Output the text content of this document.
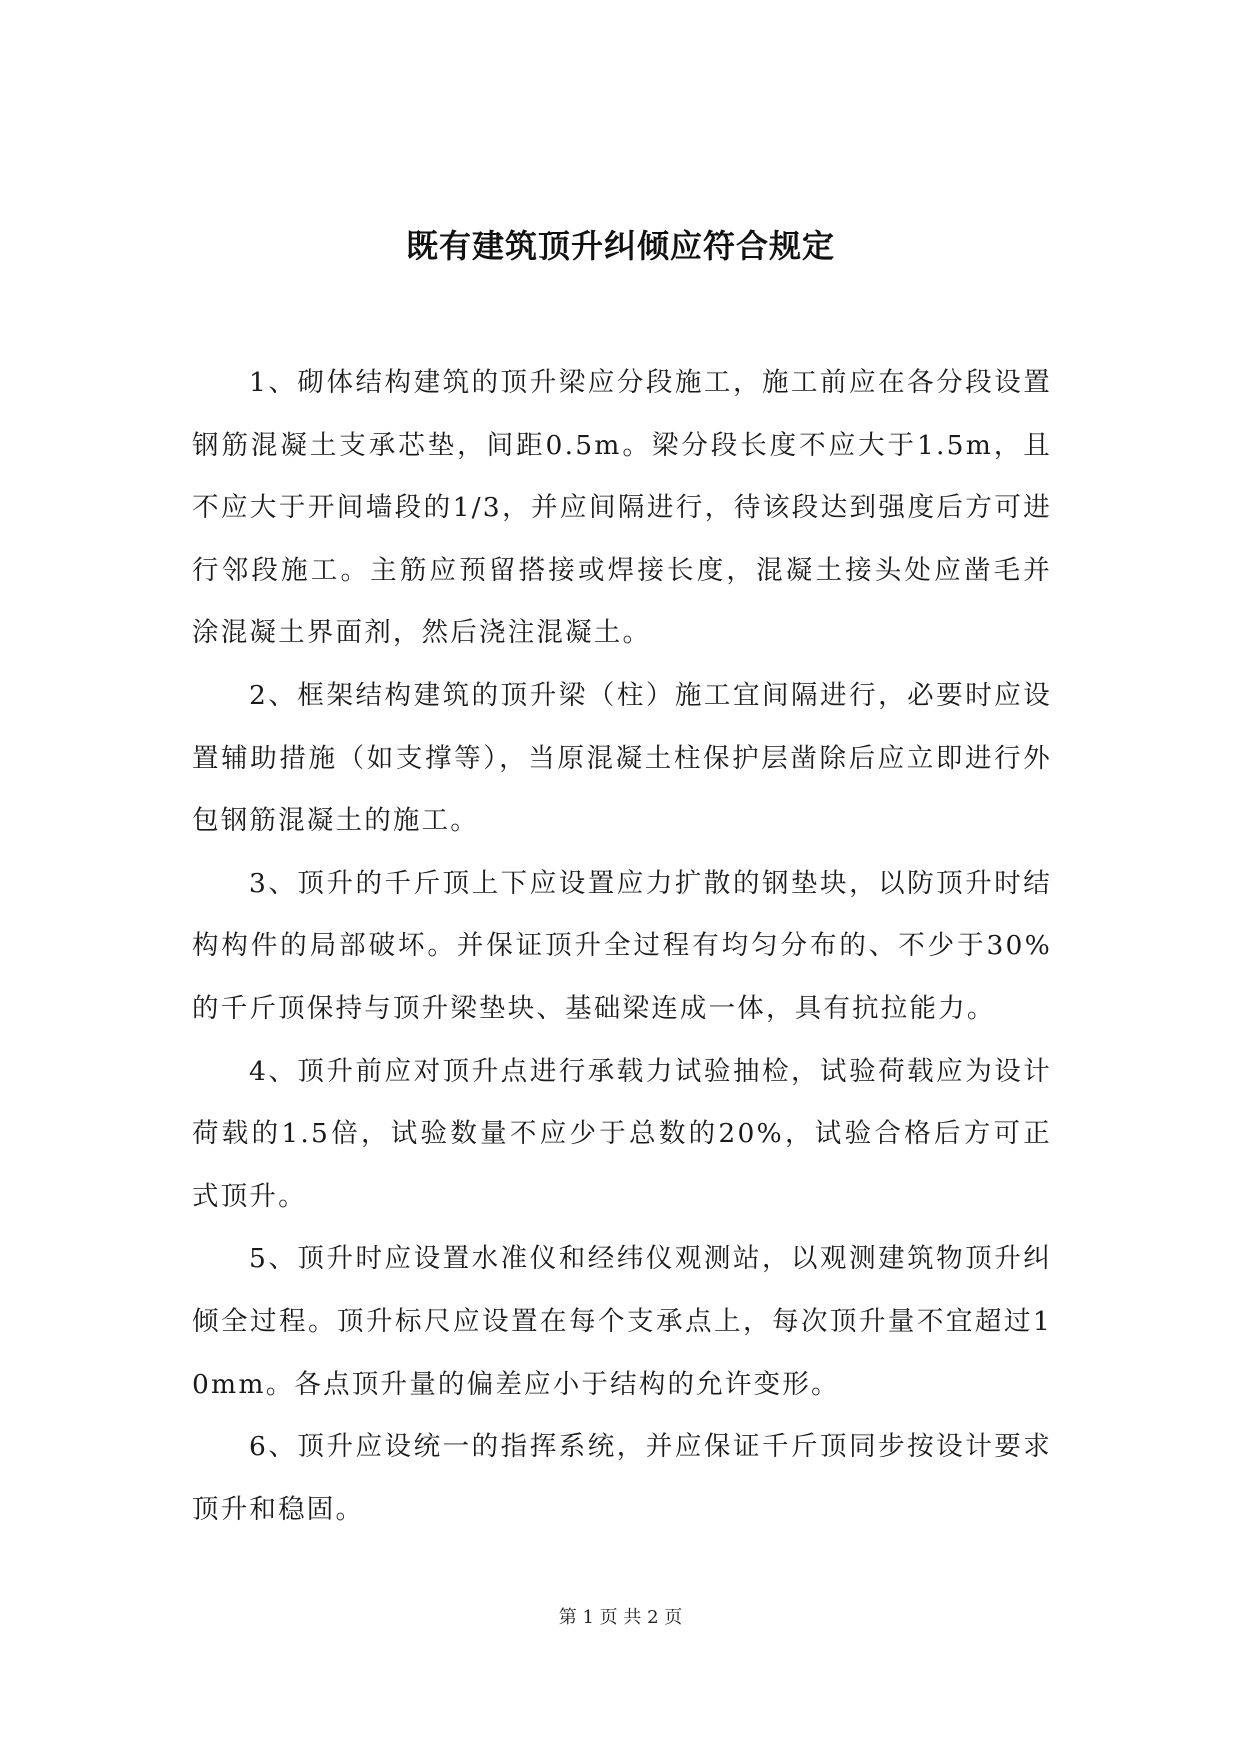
既有建筑顶升纠倾应符合规定

1、砌体结构建筑的顶升梁应分段施工，施工前应在各分段设置钢筋混凝土支承芯垫，间距0.5m。梁分段长度不应大于1.5m，且不应大于开间墙段的1/3，并应间隔进行，待该段达到强度后方可进行邻段施工。主筋应预留搭接或焊接长度，混凝土接头处应凿毛并涂混凝土界面剂，然后浇注混凝土。

2、框架结构建筑的顶升梁（柱）施工宜间隔进行，必要时应设置辅助措施（如支撑等），当原混凝土柱保护层凿除后应立即进行外包钢筋混凝土的施工。

3、顶升的千斤顶上下应设置应力扩散的钢垫块，以防顶升时结构构件的局部破坏。并保证顶升全过程有均匀分布的、不少于30%的千斤顶保持与顶升梁垫块、基础梁连成一体，具有抗拉能力。

4、顶升前应对顶升点进行承载力试验抽检，试验荷载应为设计荷载的1.5倍，试验数量不应少于总数的20%，试验合格后方可正式顶升。

5、顶升时应设置水准仪和经纬仪观测站，以观测建筑物顶升纠倾全过程。顶升标尺应设置在每个支承点上，每次顶升量不宜超过10mm。各点顶升量的偏差应小于结构的允许变形。

6、顶升应设统一的指挥系统，并应保证千斤顶同步按设计要求顶升和稳固。

第 1 页 共 2 页
